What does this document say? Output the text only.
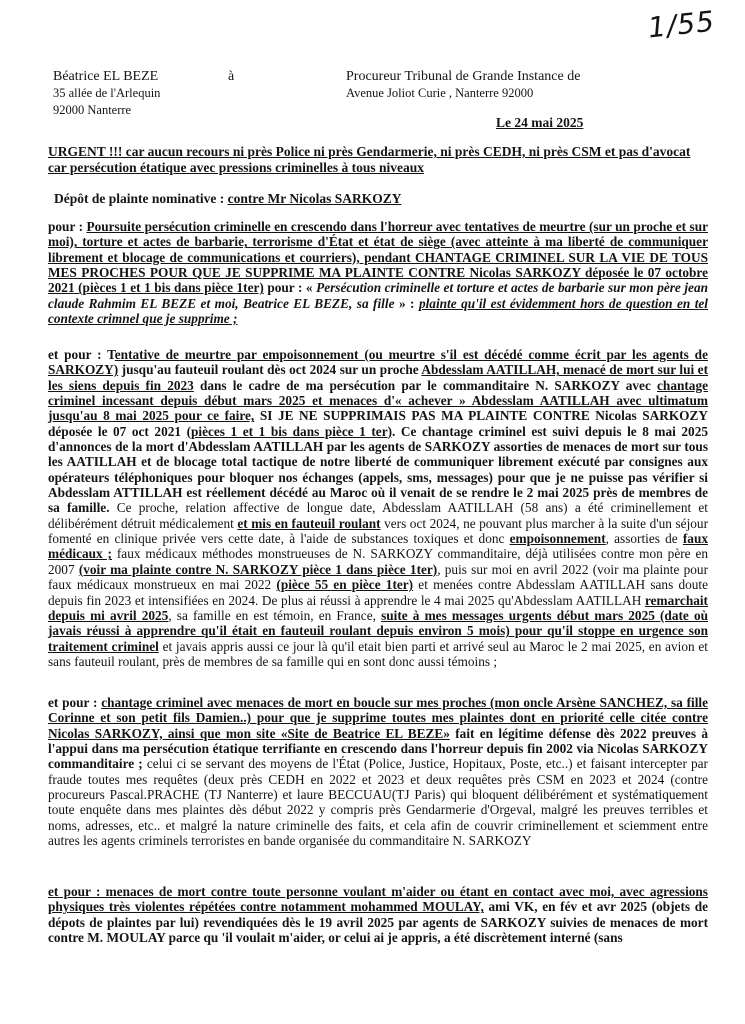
1/55
Béatrice EL BEZE
35 allée de l'Arlequin
92000 Nanterre
à	Procureur Tribunal de Grande Instance de
Avenue Joliot Curie , Nanterre 92000
Le 24 mai 2025
URGENT !!! car aucun recours ni près Police ni près Gendarmerie, ni près CEDH, ni près CSM et pas d'avocat car persécution étatique avec pressions criminelles à tous niveaux
Dépôt de plainte nominative : contre Mr Nicolas SARKOZY
pour : Poursuite persécution criminelle en crescendo dans l'horreur avec tentatives de meurtre (sur un proche et sur moi), torture et actes de barbarie, terrorisme d'État et état de siège (avec atteinte à ma liberté de communiquer librement et blocage de communications et courriers), pendant CHANTAGE CRIMINEL SUR LA VIE DE TOUS MES PROCHES POUR QUE JE SUPPRIME MA PLAINTE CONTRE Nicolas SARKOZY déposée le 07 octobre 2021 (pièces 1 et 1 bis dans pièce 1ter) pour : « Persécution criminelle et torture et actes de barbarie sur mon père jean claude Rahmim EL BEZE et moi, Beatrice EL BEZE, sa fille » : plainte qu'il est évidemment hors de question en tel contexte crimnel que je supprime ;
et pour : Tentative de meurtre par empoisonnement (ou meurtre s'il est décédé comme écrit par les agents de SARKOZY) jusqu'au fauteuil roulant dès oct 2024 sur un proche Abdesslam AATILLAH, menacé de mort sur lui et les siens depuis fin 2023 dans le cadre de ma persécution par le commanditaire N. SARKOZY avec chantage criminel incessant depuis début mars 2025 et menaces d'« achever » Abdesslam AATILLAH avec ultimatum jusqu'au 8 mai 2025 pour ce faire, SI JE NE SUPPRIMAIS PAS MA PLAINTE CONTRE Nicolas SARKOZY déposée le 07 oct 2021 (pièces 1 et 1 bis dans pièce 1 ter). Ce chantage criminel est suivi depuis le 8 mai 2025 d'annonces de la mort d'Abdesslam AATILLAH par les agents de SARKOZY assorties de menaces de mort sur tous les AATILLAH et de blocage total tactique de notre liberté de communiquer librement exécuté par consignes aux opérateurs téléphoniques pour bloquer nos échanges (appels, sms, messages) pour que je ne puisse pas vérifier si Abdesslam ATTILLAH est réellement décédé au Maroc où il venait de se rendre le 2 mai 2025 près de membres de sa famille. Ce proche, relation affective de longue date, Abdesslam AATILLAH (58 ans) a été criminellement et délibérément détruit médicalement et mis en fauteuil roulant vers oct 2024, ne pouvant plus marcher à la suite d'un séjour fomenté en clinique privée vers cette date, à l'aide de substances toxiques et donc empoisonnement, assorties de faux médicaux ; faux médicaux méthodes monstrueuses de N. SARKOZY commanditaire, déjà utilisées contre mon père en 2007 (voir ma plainte contre N. SARKOZY pièce 1 dans pièce 1ter), puis sur moi en avril 2022 (voir ma plainte pour faux médicaux monstrueux en mai 2022 (pièce 55 en pièce 1ter) et menées contre Abdesslam AATILLAH sans doute depuis fin 2023 et intensifiées en 2024. De plus ai réussi à apprendre le 4 mai 2025 qu'Abdesslam AATILLAH remarchait depuis mi avril 2025, sa famille en est témoin, en France, suite à mes messages urgents début mars 2025 (date où javais réussi à apprendre qu'il était en fauteuil roulant depuis environ 5 mois) pour qu'il stoppe en urgence son traitement criminel et javais appris aussi ce jour là qu'il etait bien parti et arrivé seul au Maroc le 2 mai 2025, en avion et sans fauteuil roulant, près de membres de sa famille qui en sont donc aussi témoins ;
et pour : chantage criminel avec menaces de mort en boucle sur mes proches (mon oncle Arsène SANCHEZ, sa fille Corinne et son petit fils Damien..) pour que je supprime toutes mes plaintes dont en priorité celle citée contre Nicolas SARKOZY, ainsi que mon site «Site de Beatrice EL BEZE» fait en légitime défense dès 2022 preuves à l'appui dans ma persécution étatique terrifiante en crescendo dans l'horreur depuis fin 2002 via Nicolas SARKOZY commanditaire ; celui ci se servant des moyens de l'État (Police, Justice, Hopitaux, Poste, etc..) et faisant intercepter par fraude toutes mes requêtes (deux près CEDH en 2022 et 2023 et deux requêtes près CSM en 2023 et 2024 (contre procureurs Pascal.PRACHE (TJ Nanterre) et laure BECCUAU(TJ Paris) qui bloquent délibérément et systématiquement toute enquête dans mes plaintes dès début 2022 y compris près Gendarmerie d'Orgeval, malgré les preuves terribles et noms, adresses, etc.. et malgré la nature criminelle des faits, et cela afin de couvrir criminellement et sciemment entre autres les agents criminels terroristes en bande organisée du commanditaire N. SARKOZY
et pour : menaces de mort contre toute personne voulant m'aider ou étant en contact avec moi, avec agressions physiques très violentes répétées contre notamment mohammed MOULAY, ami VK, en fév et avr 2025 (objets de dépots de plaintes par lui) revendiquées dès le 19 avril 2025 par agents de SARKOZY suivies de menaces de mort contre M. MOULAY parce qu 'il voulait m'aider, or celui ai je appris, a été discrètement interné (sans
